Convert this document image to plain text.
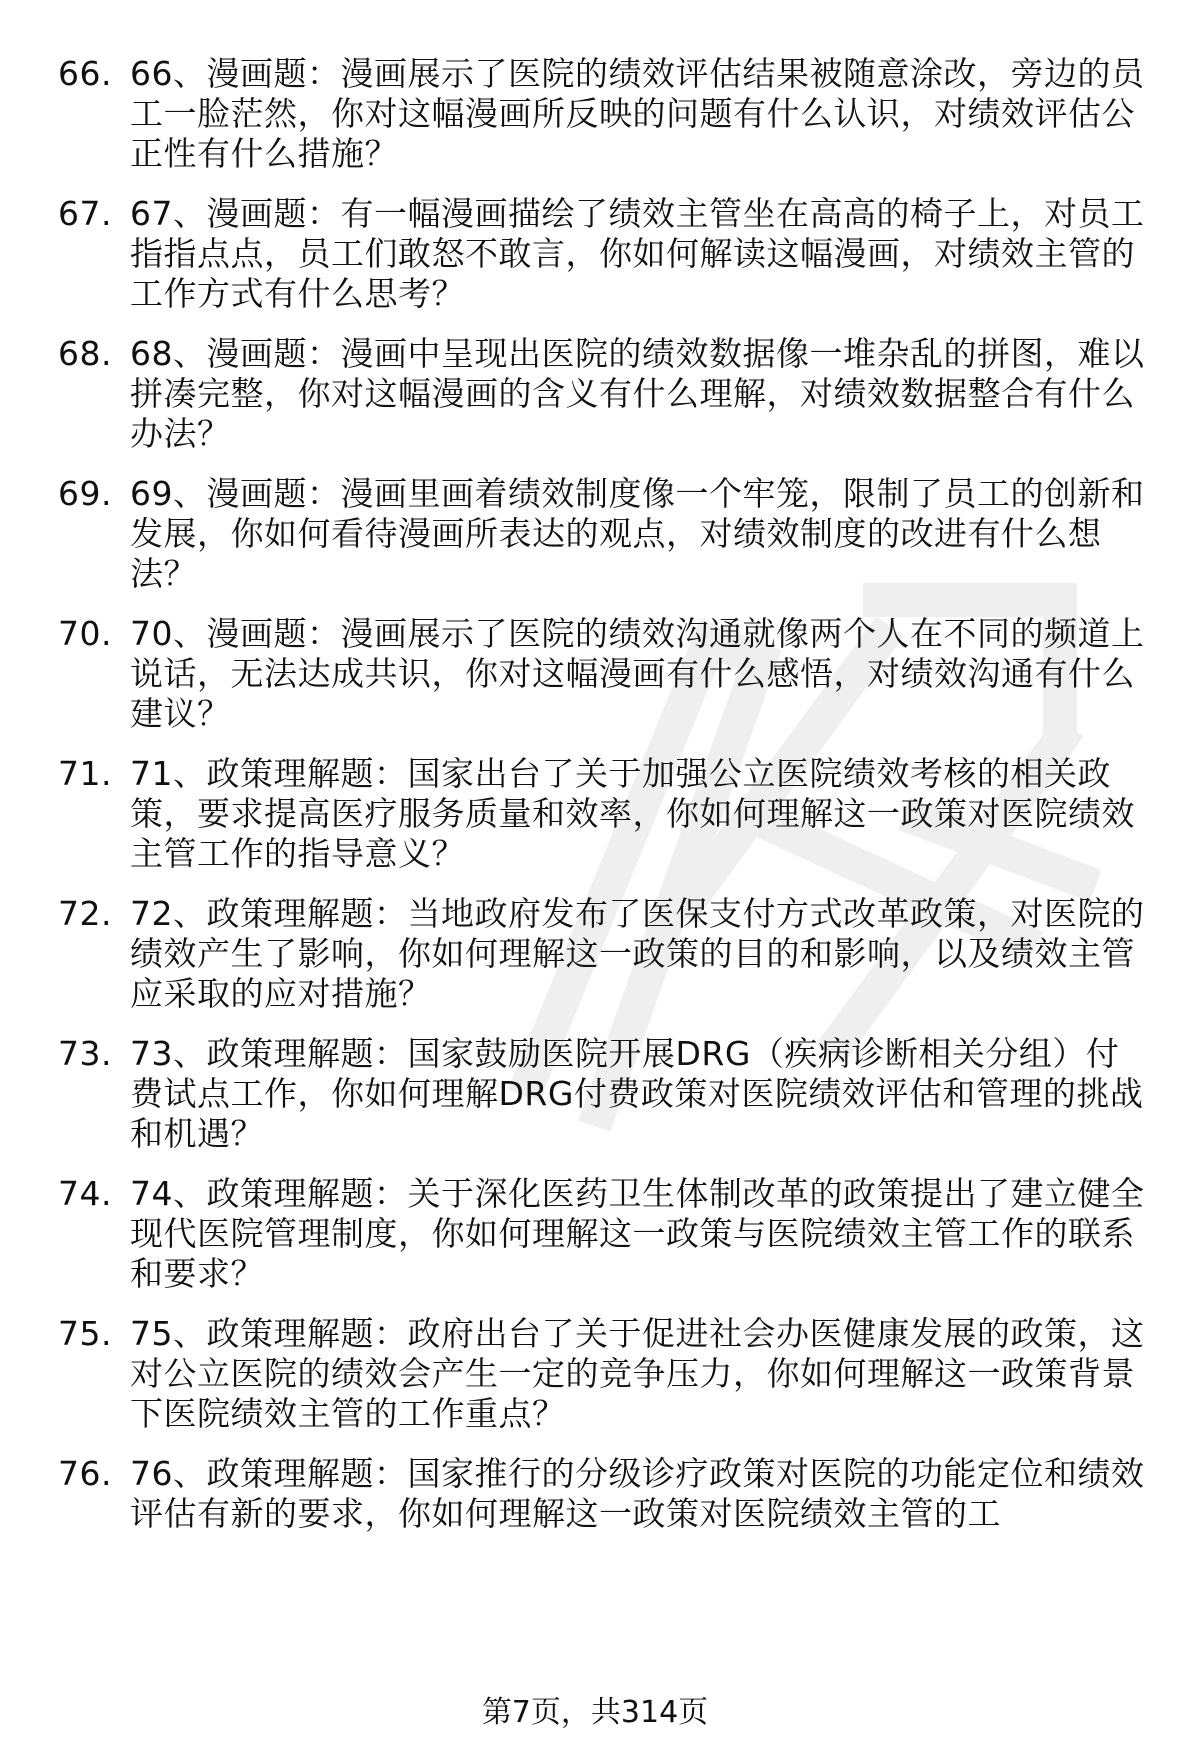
66. 66、漫画题：漫画展示了医院的绩效评估结果被随意涂改，旁边的员工一脸茫然，你对这幅漫画所反映的问题有什么认识，对绩效评估公正性有什么措施？
67. 67、漫画题：有一幅漫画描绘了绩效主管坐在高高的椅子上，对员工指指点点，员工们敢怒不敢言，你如何解读这幅漫画，对绩效主管的工作方式有什么思考？
68. 68、漫画题：漫画中呈现出医院的绩效数据像一堆杂乱的拼图，难以拼凑完整，你对这幅漫画的含义有什么理解，对绩效数据整合有什么办法？
69. 69、漫画题：漫画里画着绩效制度像一个牢笼，限制了员工的创新和发展，你如何看待漫画所表达的观点，对绩效制度的改进有什么想法？
70. 70、漫画题：漫画展示了医院的绩效沟通就像两个人在不同的频道上说话，无法达成共识，你对这幅漫画有什么感悟，对绩效沟通有什么建议？
71. 71、政策理解题：国家出台了关于加强公立医院绩效考核的相关政策，要求提高医疗服务质量和效率，你如何理解这一政策对医院绩效主管工作的指导意义？
72. 72、政策理解题：当地政府发布了医保支付方式改革政策，对医院的绩效产生了影响，你如何理解这一政策的目的和影响，以及绩效主管应采取的应对措施？
73. 73、政策理解题：国家鼓励医院开展DRG（疾病诊断相关分组）付费试点工作，你如何理解DRG付费政策对医院绩效评估和管理的挑战和机遇？
74. 74、政策理解题：关于深化医药卫生体制改革的政策提出了建立健全现代医院管理制度，你如何理解这一政策与医院绩效主管工作的联系和要求？
75. 75、政策理解题：政府出台了关于促进社会办医健康发展的政策，这对公立医院的绩效会产生一定的竞争压力，你如何理解这一政策背景下医院绩效主管的工作重点？
76. 76、政策理解题：国家推行的分级诊疗政策对医院的功能定位和绩效评估有新的要求，你如何理解这一政策对医院绩效主管的工
第7页，共314页
